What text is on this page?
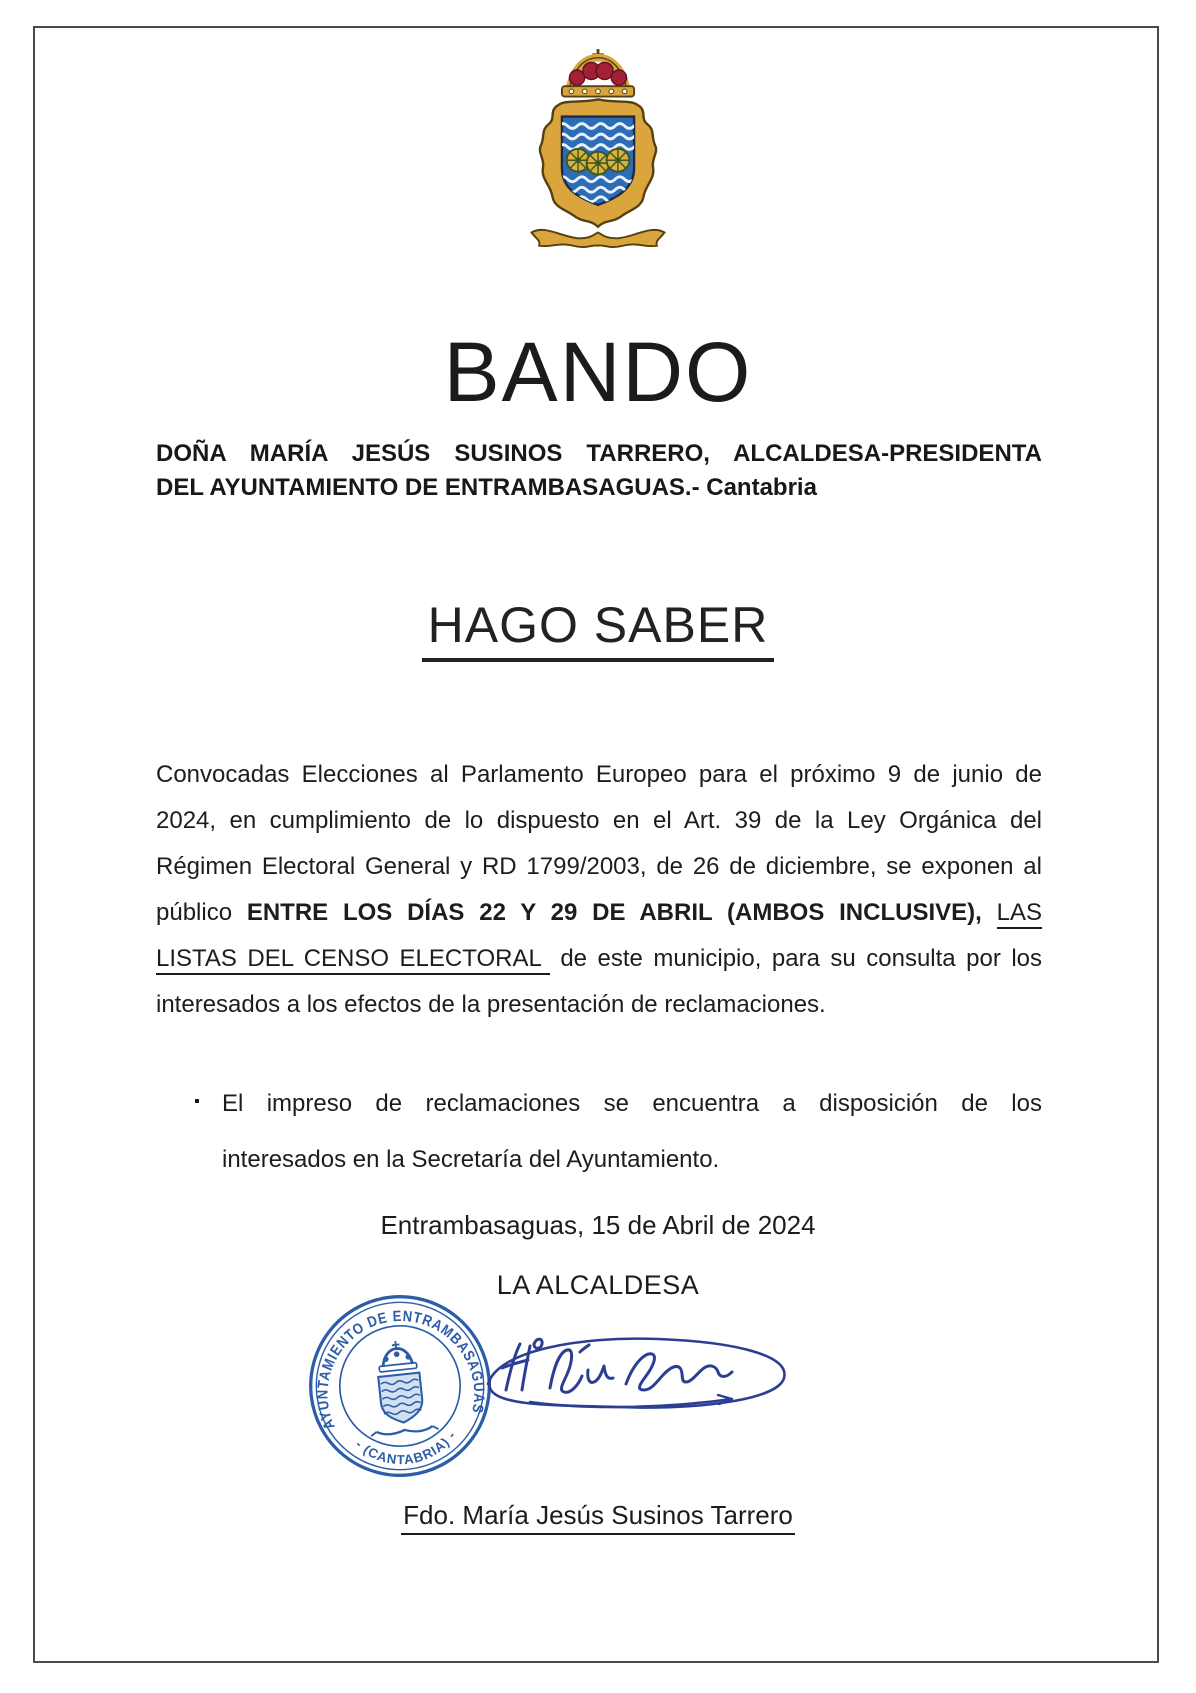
BANDO
DOÑA MARÍA JESÚS SUSINOS TARRERO, ALCALDESA-PRESIDENTA
DEL AYUNTAMIENTO DE ENTRAMBASAGUAS.- Cantabria
HAGO SABER
Convocadas Elecciones al Parlamento Europeo para el próximo 9 de junio de
2024, en cumplimiento de lo dispuesto en el Art. 39 de la Ley Orgánica del
Régimen Electoral General y RD 1799/2003, de 26 de diciembre, se exponen al
público ENTRE LOS DÍAS 22 Y 29 DE ABRIL (AMBOS INCLUSIVE), LAS
LISTAS DEL CENSO ELECTORAL de este municipio, para su consulta por los
interesados a los efectos de la presentación de reclamaciones.
▪ El impreso de reclamaciones se encuentra a disposición de los
interesados en la Secretaría del Ayuntamiento.
Entrambasaguas, 15 de Abril de 2024
LA ALCALDESA
AYUNTAMIENTO DE ENTRAMBASAGUAS
- (CANTABRIA) -
Fdo. María Jesús Susinos Tarrero
